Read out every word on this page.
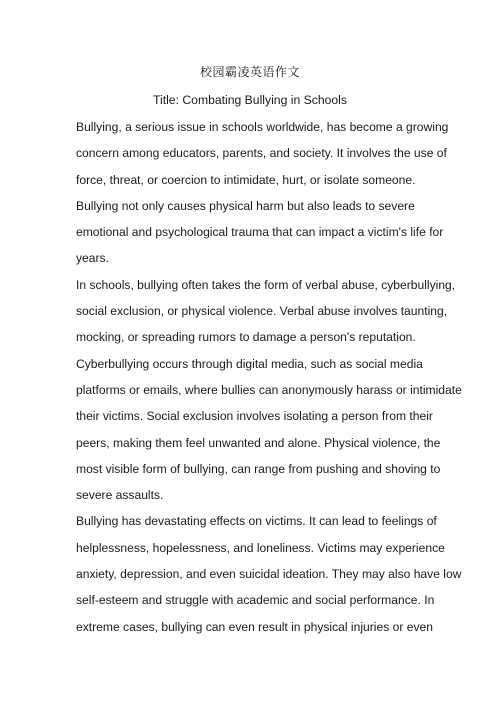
校园霸凌英语作文
Title: Combating Bullying in Schools
Bullying, a serious issue in schools worldwide, has become a growing
concern among educators, parents, and society. It involves the use of
force, threat, or coercion to intimidate, hurt, or isolate someone.
Bullying not only causes physical harm but also leads to severe
emotional and psychological trauma that can impact a victim's life for
years.
In schools, bullying often takes the form of verbal abuse, cyberbullying,
social exclusion, or physical violence. Verbal abuse involves taunting,
mocking, or spreading rumors to damage a person's reputation.
Cyberbullying occurs through digital media, such as social media
platforms or emails, where bullies can anonymously harass or intimidate
their victims. Social exclusion involves isolating a person from their
peers, making them feel unwanted and alone. Physical violence, the
most visible form of bullying, can range from pushing and shoving to
severe assaults.
Bullying has devastating effects on victims. It can lead to feelings of
helplessness, hopelessness, and loneliness. Victims may experience
anxiety, depression, and even suicidal ideation. They may also have low
self-esteem and struggle with academic and social performance. In
extreme cases, bullying can even result in physical injuries or even
